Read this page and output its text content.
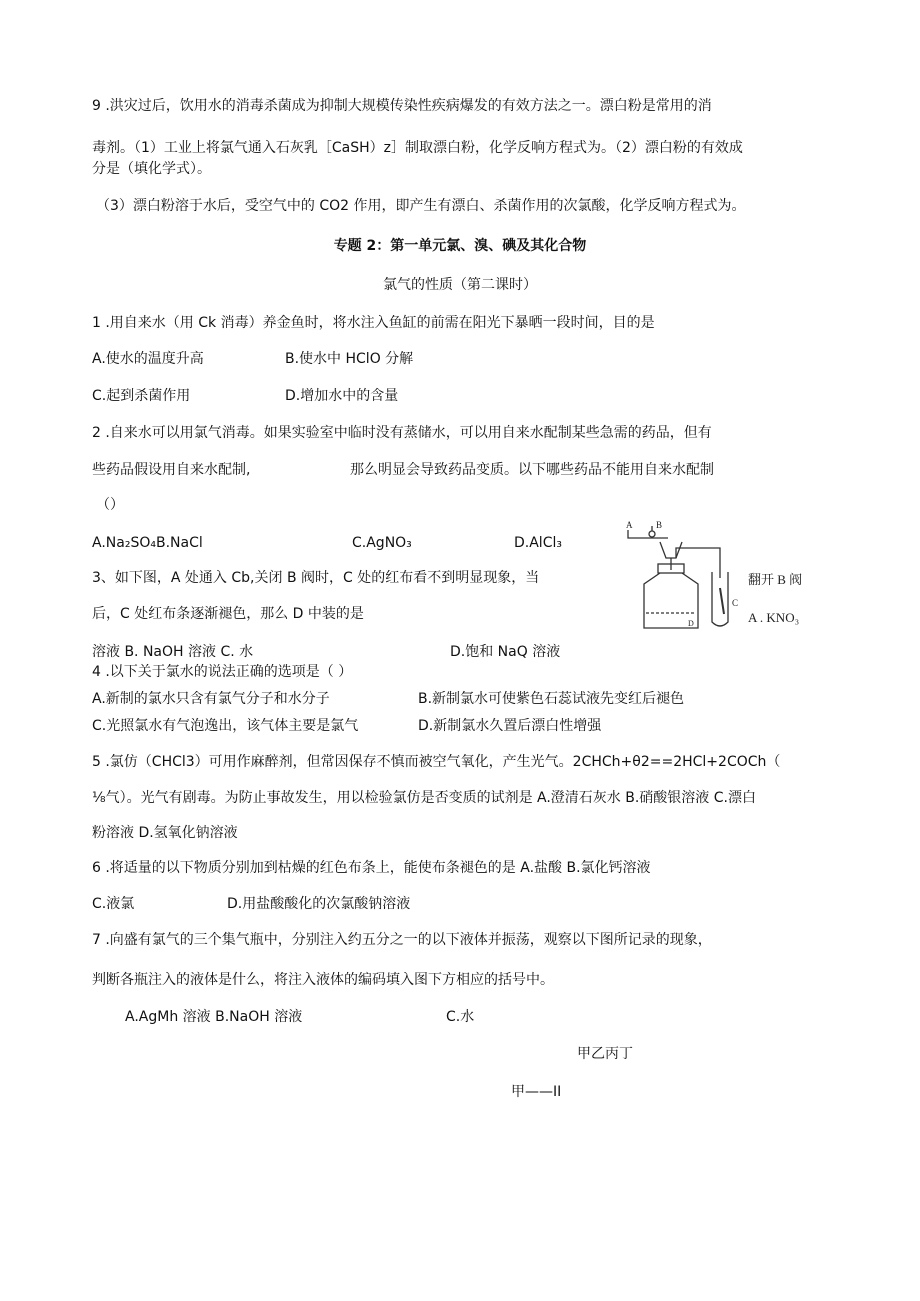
9 .洪灾过后，饮用水的消毒杀菌成为抑制大规模传染性疾病爆发的有效方法之一。漂白粉是常用的消
毒剂。（1）工业上将氯气通入石灰乳［CaSH）z］制取漂白粉，化学反响方程式为。（2）漂白粉的有效成
分是（填化学式）。
（3）漂白粉溶于水后，受空气中的 CO2 作用，即产生有漂白、杀菌作用的次氯酸，化学反响方程式为。
专题 2：第一单元氯、溴、碘及其化合物
氯气的性质（第二课时）
1 .用自来水（用 Ck 消毒）养金鱼时，将水注入鱼缸的前需在阳光下暴晒一段时间，目的是
A.使水的温度升高	B.使水中 HClO 分解
C.起到杀菌作用	D.增加水中的含量
2 .自来水可以用氯气消毒。如果实验室中临时没有蒸储水，可以用自来水配制某些急需的药品，但有
些药品假设用自来水配制,	那么明显会导致药品变质。以下哪些药品不能用自来水配制
（）
A.Na₂SO₄B.NaCl	C.AgNO₃	D.AlCl₃
3、如下图，A 处通入 Cb,关闭 B 阀时，C 处的红布看不到明显现象，当
后，C 处红布条逐渐褪色，那么 D 中装的是
溶液 B. NaOH 溶液 C. 水	D.饱和 NaQ 溶液
A	B
C
D
翻开 B 阀
A . KNO₃
4 .以下关于氯水的说法正确的选项是（ ）
A.新制的氯水只含有氯气分子和水分子	B.新制氯水可使紫色石蕊试液先变红后褪色
C.光照氯水有气泡逸出，该气体主要是氯气	D.新制氯水久置后漂白性增强
5 .氯仿（CHCl3）可用作麻醉剂，但常因保存不慎而被空气氧化，产生光气。2CHCh+θ2==2HCl+2COCh（
⅛气）。光气有剧毒。为防止事故发生，用以检验氯仿是否变质的试剂是 A.澄清石灰水 B.硝酸银溶液 C.漂白
粉溶液 D.氢氧化钠溶液
6 .将适量的以下物质分别加到枯燥的红色布条上，能使布条褪色的是 A.盐酸 B.氯化钙溶液
C.液氯	D.用盐酸酸化的次氯酸钠溶液
7 .向盛有氯气的三个集气瓶中，分别注入约五分之一的以下液体并振荡，观察以下图所记录的现象，
判断各瓶注入的液体是什么，将注入液体的编码填入图下方相应的括号中。
A.AgMh 溶液 B.NaOH 溶液	C.水
甲乙丙丁
甲——II
